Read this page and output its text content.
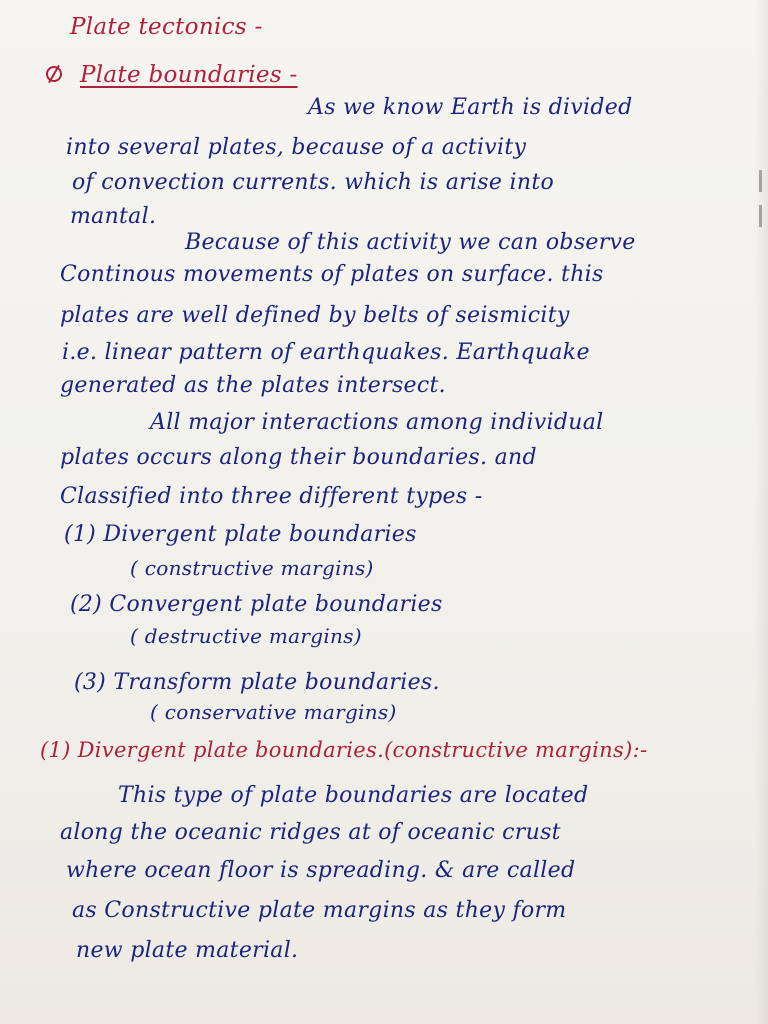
Plate tectonics -

Plate boundaries -

As we know Earth is divided

into several plates, because of a activity

of convection currents. which is arise into

mantal.

Because of this activity we can observe

Continous movements of plates on surface. this

plates are well defined by belts of seismicity

i.e. linear pattern of earthquakes. Earthquake

generated as the plates intersect.

All major interactions among individual

plates occurs along their boundaries. and

Classified into three different types -

(1) Divergent plate boundaries

( constructive margins)

(2) Convergent plate boundaries

( destructive margins)

(3) Transform plate boundaries.

( conservative margins)

(1) Divergent plate boundaries.(constructive margins):-

This type of plate boundaries are located

along the oceanic ridges at of oceanic crust

where ocean floor is spreading. & are called

as Constructive plate margins as they form

new plate material.
